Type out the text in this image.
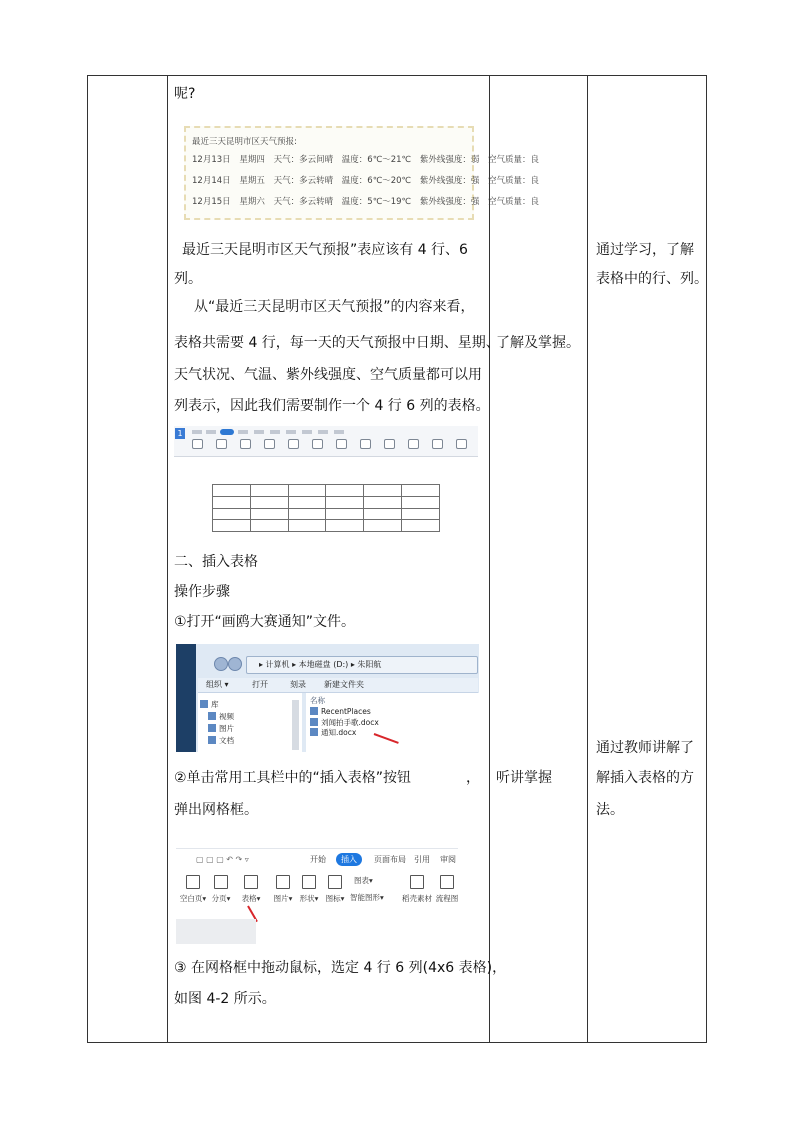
呢?
最近三天昆明市区天气预报:
12月13日 星期四 天气：多云间晴 温度：6℃～21℃ 紫外线强度：弱 空气质量：良
12月14日 星期五 天气：多云转晴 温度：6℃～20℃ 紫外线强度：强 空气质量：良
12月15日 星期六 天气：多云转晴 温度：5℃～19℃ 紫外线强度：强 空气质量：良
最近三天昆明市区天气预报”表应该有 4 行、6
列。
从“最近三天昆明市区天气预报”的内容来看，
表格共需要 4 行，每一天的天气预报中日期、星期、
天气状况、气温、紫外线强度、空气质量都可以用
列表示，因此我们需要制作一个 4 行 6 列的表格。
1

二、插入表格
操作步骤
①打开“画鸥大赛通知”文件。
▸ 计算机 ▸ 本地磁盘 (D:) ▸ 朱阳航
组织 ▾	打开	刻录 新建文件夹
库
视频
图片
文档
名称
RecentPlaces
刘闻拍手歌.docx
通知.docx
②单击常用工具栏中的“插入表格”按钮	，
弹出网格框。
▢ ▢ ▢ ↶ ↷ ▿	开始	页面布局 引用 审阅
插入
空白页▾ 分页▾	表格▾	图片▾ 形状▾ 图标▾
图表▾
智能图形▾	稻壳素材 流程图
③ 在网格框中拖动鼠标，选定 4 行 6 列(4x6 表格)，
如图 4-2 所示。
了解及掌握。
听讲掌握
通过学习，了解
表格中的行、列。
通过教师讲解了
解插入表格的方
法。
